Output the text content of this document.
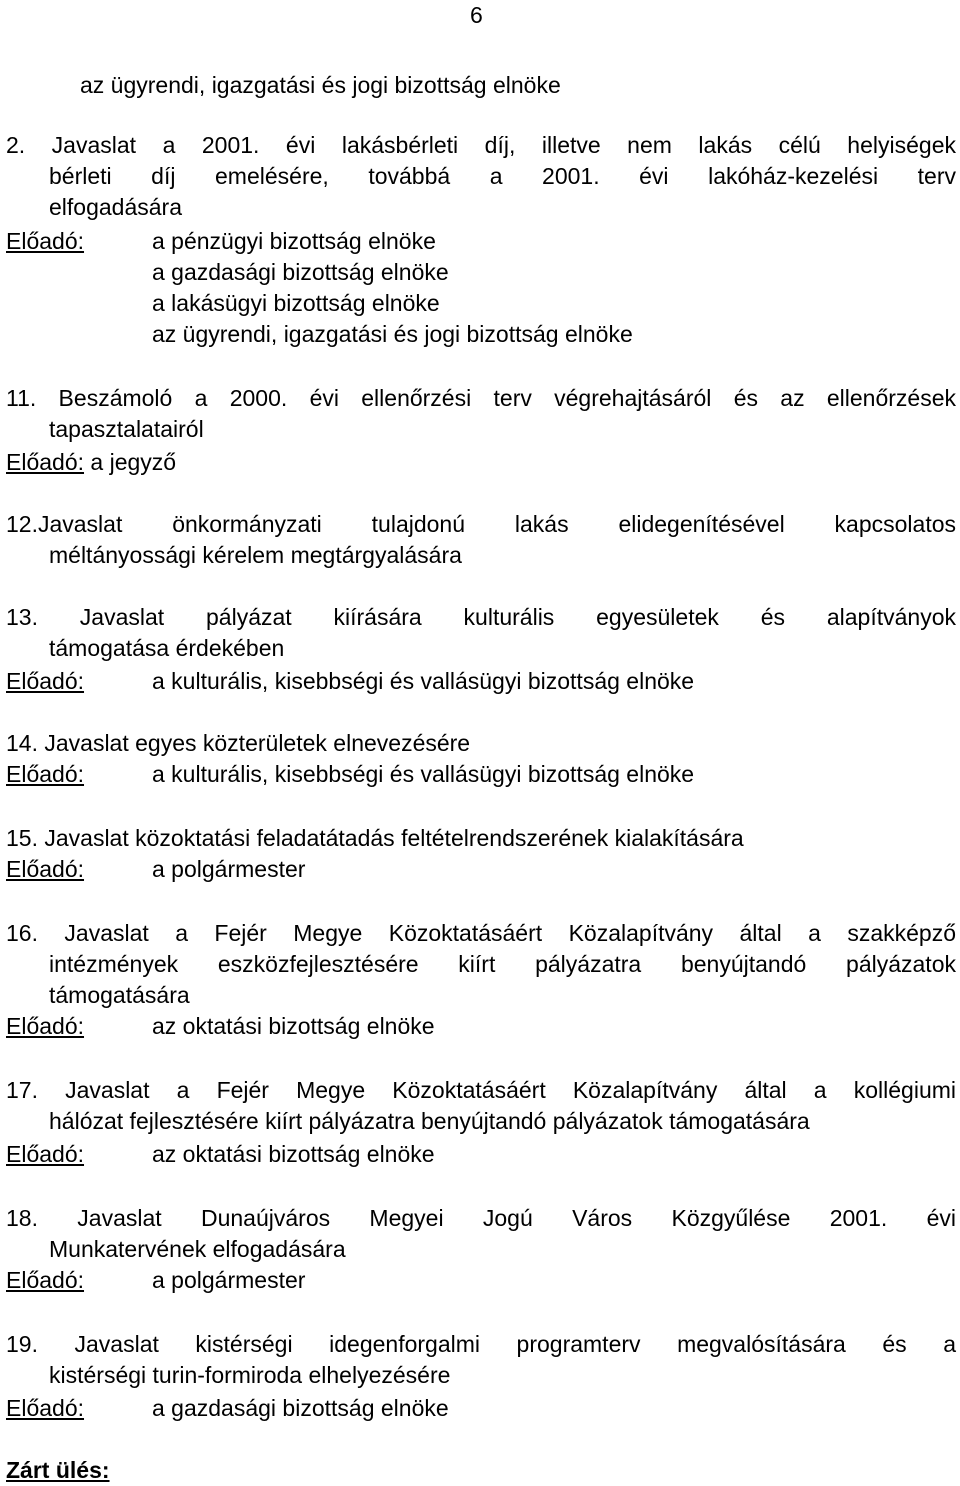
6
az ügyrendi, igazgatási és jogi bizottság elnöke
2. Javaslat a 2001. évi lakásbérleti díj, illetve nem lakás célú helyiségek
bérleti díj emelésére, továbbá a 2001. évi lakóház-kezelési terv
elfogadására
Előadó:	a pénzügyi bizottság elnöke
a gazdasági bizottság elnöke
a lakásügyi bizottság elnöke
az ügyrendi, igazgatási és jogi bizottság elnöke
11. Beszámoló a 2000. évi ellenőrzési terv végrehajtásáról és az ellenőrzések
tapasztalatairól
Előadó: a jegyző
12.Javaslat önkormányzati tulajdonú lakás elidegenítésével kapcsolatos
méltányossági kérelem megtárgyalására
13. Javaslat pályázat kiírására kulturális egyesületek és alapítványok
támogatása érdekében
Előadó:	a kulturális, kisebbségi és vallásügyi bizottság elnöke
14. Javaslat egyes közterületek elnevezésére
Előadó:	a kulturális, kisebbségi és vallásügyi bizottság elnöke
15. Javaslat közoktatási feladatátadás feltételrendszerének kialakítására
Előadó:	a polgármester
16. Javaslat a Fejér Megye Közoktatásáért Közalapítvány által a szakképző
intézmények eszközfejlesztésére kiírt pályázatra benyújtandó pályázatok
támogatására
Előadó:	az oktatási bizottság elnöke
17. Javaslat a Fejér Megye Közoktatásáért Közalapítvány által a kollégiumi
hálózat fejlesztésére kiírt pályázatra benyújtandó pályázatok támogatására
Előadó:	az oktatási bizottság elnöke
18. Javaslat Dunaújváros Megyei Jogú Város Közgyűlése 2001. évi
Munkatervének elfogadására
Előadó:	a polgármester
19. Javaslat kistérségi idegenforgalmi programterv megvalósítására és a
kistérségi turin-formiroda elhelyezésére
Előadó:	a gazdasági bizottság elnöke
Zárt ülés:
